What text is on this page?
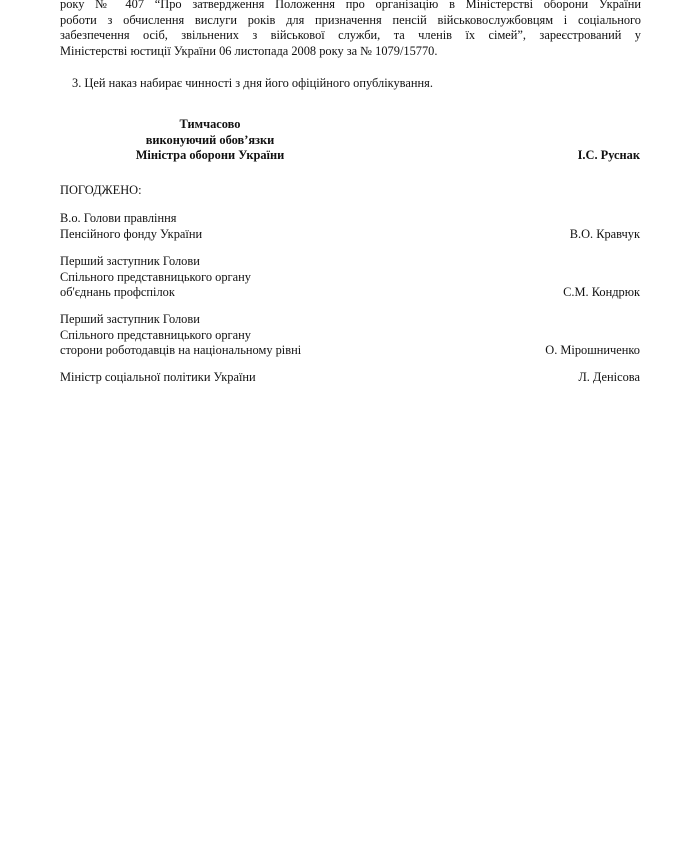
року № 407 “Про затвердження Положення про організацію в Міністерстві оборони України
роботи з обчислення вислуги років для призначення пенсій військовослужбовцям і соціального
забезпечення осіб, звільнених з військової служби, та членів їх сімей”, зареєстрований у
Міністерстві юстиції України 06 листопада 2008 року за № 1079/15770.

3. Цей наказ набирає чинності з дня його офіційного опублікування.

Тимчасово
виконуючий обов’язки
Міністра оборони України	І.С. Руснак
ПОГОДЖЕНО:
В.о. Голови правління
Пенсійного фонду України	В.О. Кравчук
Перший заступник Голови
Спільного представницького органу
об'єднань профспілок	С.М. Кондрюк
Перший заступник Голови
Спільного представницького органу
сторони роботодавців на національному рівні	О. Мірошниченко
Міністр соціальної політики України	Л. Денісова
